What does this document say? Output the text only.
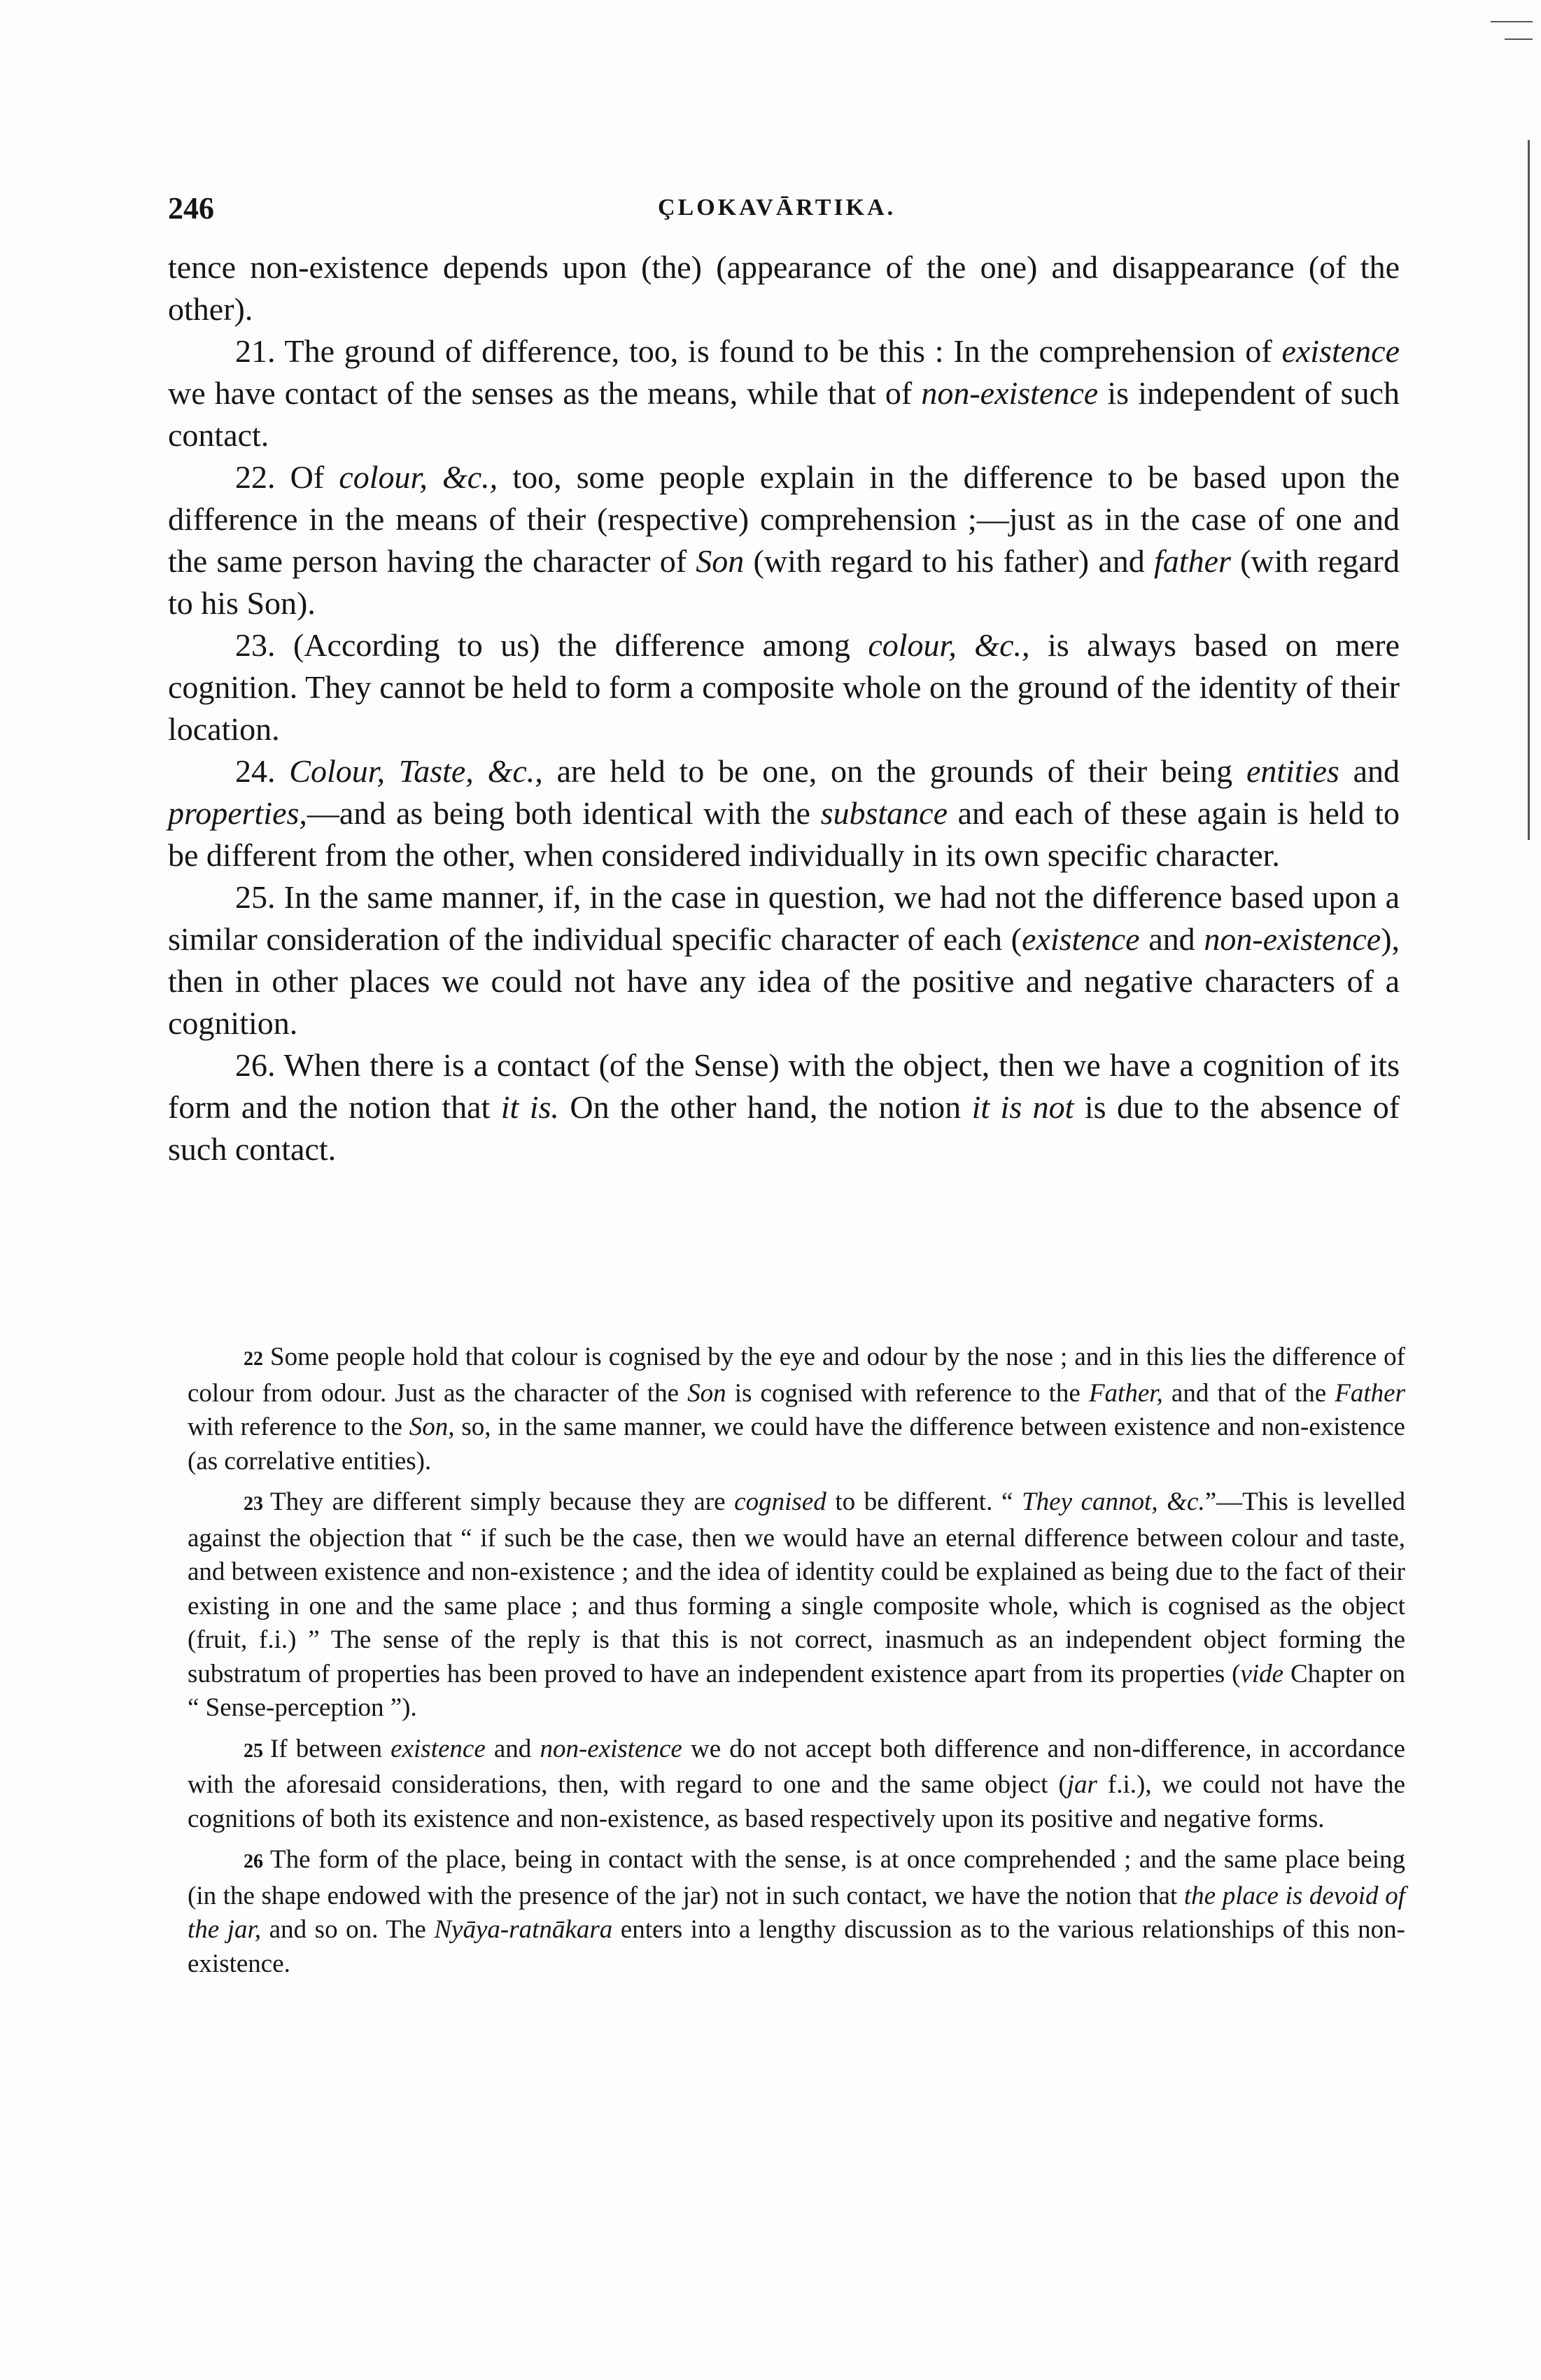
246	ÇLOKAVĀRTIKA.

tence non-existence depends upon (the) (appearance of the one) and disappearance (of the other).

21. The ground of difference, too, is found to be this : In the comprehension of existence we have contact of the senses as the means, while that of non-existence is independent of such contact.

22. Of colour, &c., too, some people explain in the difference to be based upon the difference in the means of their (respective) comprehension ;—just as in the case of one and the same person having the character of Son (with regard to his father) and father (with regard to his Son).

23. (According to us) the difference among colour, &c., is always based on mere cognition. They cannot be held to form a composite whole on the ground of the identity of their location.

24. Colour, Taste, &c., are held to be one, on the grounds of their being entities and properties,—and as being both identical with the substance and each of these again is held to be different from the other, when considered individually in its own specific character.

25. In the same manner, if, in the case in question, we had not the difference based upon a similar consideration of the individual specific character of each (existence and non-existence), then in other places we could not have any idea of the positive and negative characters of a cognition.

26. When there is a contact (of the Sense) with the object, then we have a cognition of its form and the notion that it is. On the other hand, the notion it is not is due to the absence of such contact.

22 Some people hold that colour is cognised by the eye and odour by the nose ; and in this lies the difference of colour from odour. Just as the character of the Son is cognised with reference to the Father, and that of the Father with reference to the Son, so, in the same manner, we could have the difference between existence and non-existence (as correlative entities).

23 They are different simply because they are cognised to be different. “ They cannot, &c.”—This is levelled against the objection that “ if such be the case, then we would have an eternal difference between colour and taste, and between existence and non-existence ; and the idea of identity could be explained as being due to the fact of their existing in one and the same place ; and thus forming a single composite whole, which is cognised as the object (fruit, f.i.) ” The sense of the reply is that this is not correct, inasmuch as an independent object forming the substratum of properties has been proved to have an independent existence apart from its properties (vide Chapter on “ Sense-perception ”).

25 If between existence and non-existence we do not accept both difference and non-difference, in accordance with the aforesaid considerations, then, with regard to one and the same object (jar f.i.), we could not have the cognitions of both its existence and non-existence, as based respectively upon its positive and negative forms.

26 The form of the place, being in contact with the sense, is at once comprehended ; and the same place being (in the shape endowed with the presence of the jar) not in such contact, we have the notion that the place is devoid of the jar, and so on. The Nyāya-ratnākara enters into a lengthy discussion as to the various relationships of this non-existence.
